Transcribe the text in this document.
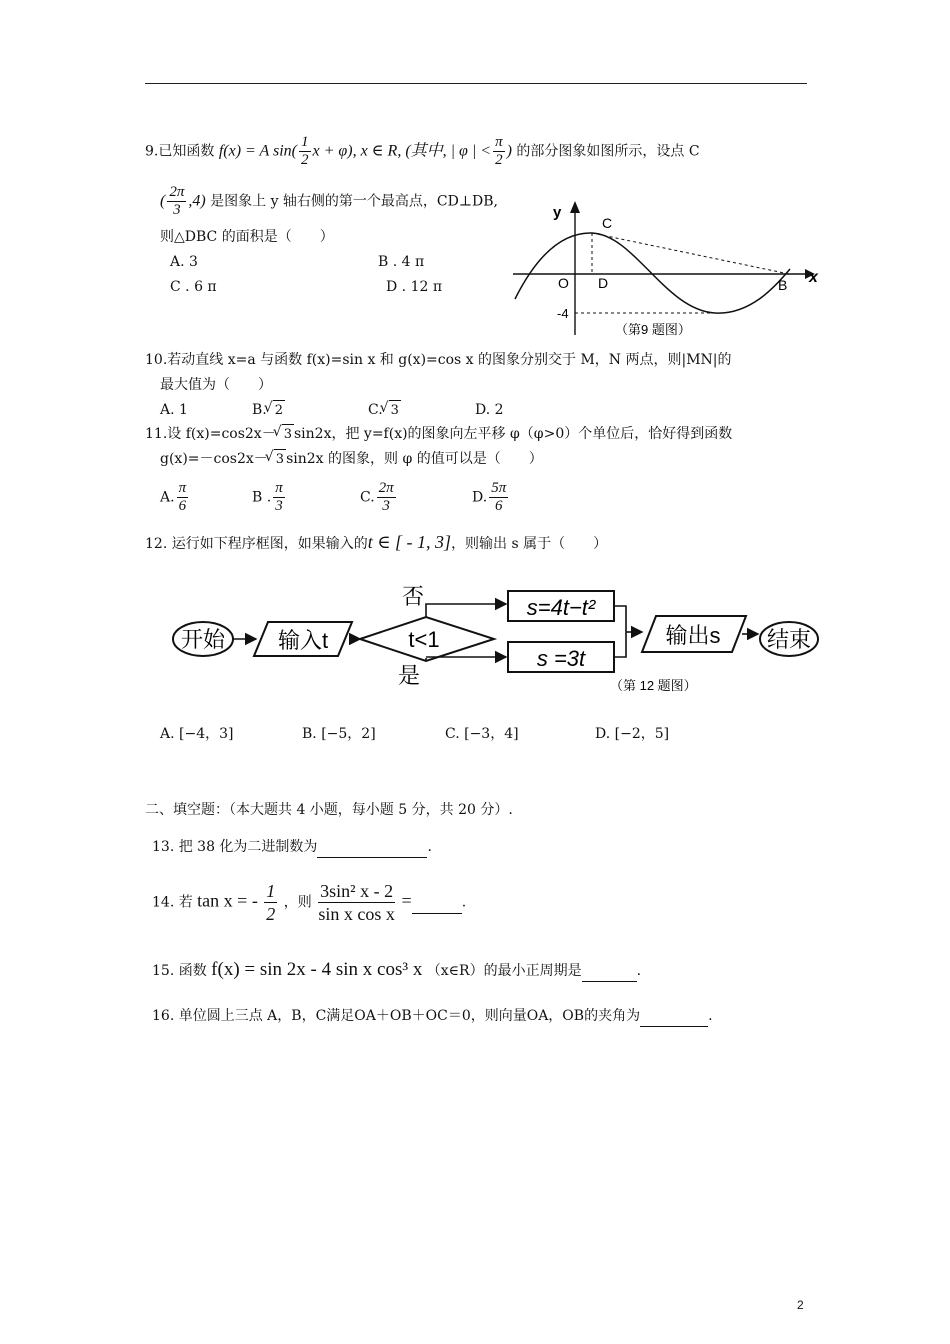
9.已知函数 f(x) = A $\sin( \frac{1}{2}$ x + φ), x ∈ R, (其中, | φ | < $\frac{\pi}{2}$ ) 的部分图象如图所示，设点 C
( $\frac{2\pi}{3} ,4$) 是图象上 y 轴右侧的第一个最高点，CD⊥DB,
则△DBC 的面积是（　　）
A. 3	B . 4 π
C . 6 π	D . 12 π
y
x
C
O D	B
-4
（第9 题图）
10.若动直线 x=a 与函数 f(x)=sin x 和 g(x)=cos x 的图象分别交于 M，N 两点，则|MN|的
最大值为（　　）
A. 1	B. √ 2	C. √ 3	D. 2
11.设 f(x)=cos2x－ √ 3 sin2x，把 y=f(x)的图象向左平移 φ（φ>0）个单位后，恰好得到函数
g(x)=－cos2x－ √ 3 sin2x 的图象，则 φ 的值可以是（　　）
A. $\frac{\pi}{6}$	B . $\frac{\pi}{3}$	C. $\frac{2\pi}{3}$	D. $\frac{5\pi}{6}$
12. 运行如下程序框图，如果输入的t ∈ [ - 1, 3]，则输出 s 属于（　　）
开始 输入t	t<1
否
是
s=4t−t²
s =3t
输出s 结束
（第 12 题图）
A. [−4，3]	B. [−5，2]	C. [−3，4]	D. [−2，5]
二、填空题：（本大题共 4 小题，每小题 5 分，共 20 分）.
13. 把 38 化为二进制数为	.
14. 若 tan x = - $\frac{1}{2}$ ，则 $\frac{\text{3sin² x - 2}}{\text{sin x cos x}}$ =	.
15. 函数 f(x) = sin 2x - 4 sin x cos³ x （x∈R）的最小正周期是	.
16. 单位圆上三点 A，B，C满足OA＋OB＋OC＝0，则向量OA，OB的夹角为	.
2
